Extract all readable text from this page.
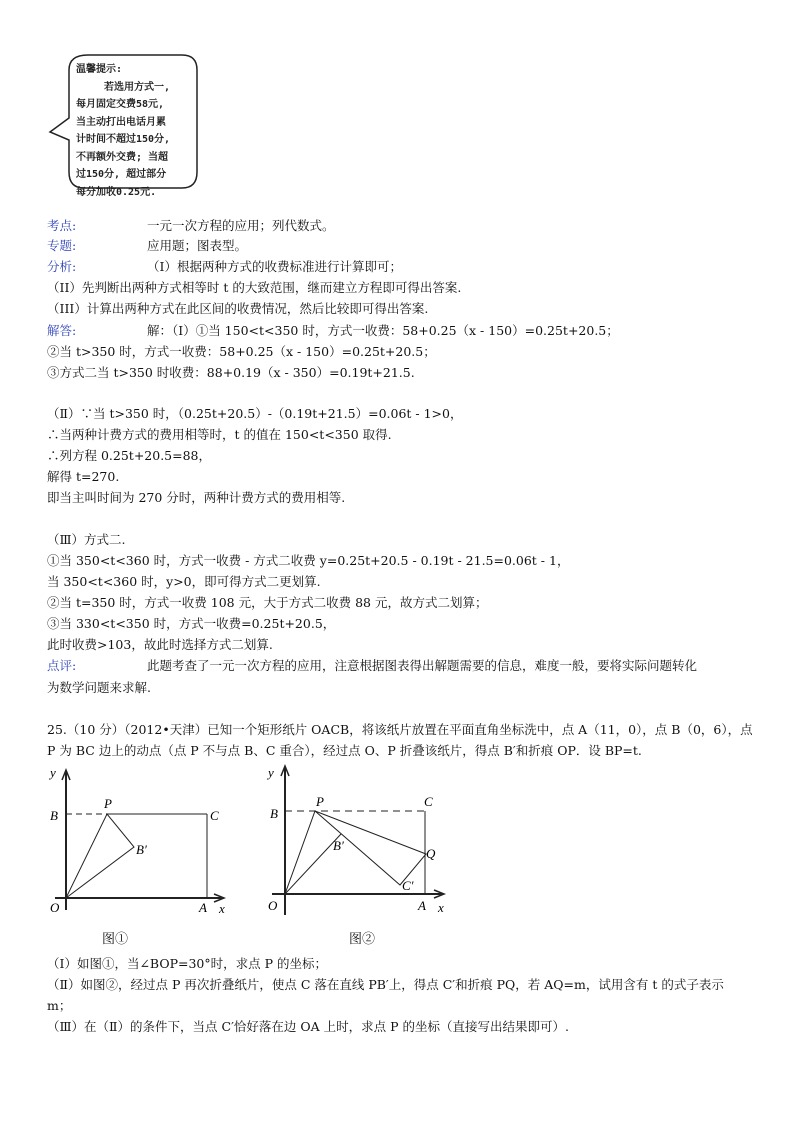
温馨提示:
若选用方式一,
每月固定交费58元,
当主动打出电话月累
计时间不超过150分,
不再额外交费; 当超
过150分, 超过部分
每分加收0.25元.
考点:	一元一次方程的应用；列代数式。
专题:	应用题；图表型。
分析:	（I）根据两种方式的收费标准进行计算即可；
（II）先判断出两种方式相等时 t 的大致范围，继而建立方程即可得出答案.
（III）计算出两种方式在此区间的收费情况，然后比较即可得出答案.
解答:	解：（Ⅰ）①当 150<t<350 时，方式一收费：58+0.25（x - 150）=0.25t+20.5；
②当 t>350 时，方式一收费：58+0.25（x - 150）=0.25t+20.5；
③方式二当 t>350 时收费：88+0.19（x - 350）=0.19t+21.5.
（Ⅱ）∵当 t>350 时，（0.25t+20.5）-（0.19t+21.5）=0.06t - 1>0，
∴当两种计费方式的费用相等时，t 的值在 150<t<350 取得.
∴列方程 0.25t+20.5=88，
解得 t=270.
即当主叫时间为 270 分时，两种计费方式的费用相等.
（Ⅲ）方式二.
①当 350<t<360 时，方式一收费 - 方式二收费 y=0.25t+20.5 - 0.19t - 21.5=0.06t - 1，
当 350<t<360 时，y>0，即可得方式二更划算.
②当 t=350 时，方式一收费 108 元，大于方式二收费 88 元，故方式二划算；
③当 330<t<350 时，方式一收费=0.25t+20.5，
此时收费>103，故此时选择方式二划算.
点评:	此题考查了一元一次方程的应用，注意根据图表得出解题需要的信息，难度一般，要将实际问题转化
为数学问题来求解.
25.（10 分）（2012•天津）已知一个矩形纸片 OACB，将该纸片放置在平面直角坐标洗中，点 A（11，0），点 B（0，6），点
P 为 BC 边上的动点（点 P 不与点 B、C 重合），经过点 O、P 折叠该纸片，得点 B′和折痕 OP．设 BP=t.
y
B
P
C
B′
O	A x
图①
y
B
P	C
B′
Q
C′
O	A x
图②
（Ⅰ）如图①，当∠BOP=30°时，求点 P 的坐标；
（Ⅱ）如图②，经过点 P 再次折叠纸片，使点 C 落在直线 PB′上，得点 C′和折痕 PQ，若 AQ=m，试用含有 t 的式子表示
m；
（Ⅲ）在（Ⅱ）的条件下，当点 C′恰好落在边 OA 上时，求点 P 的坐标（直接写出结果即可）.
